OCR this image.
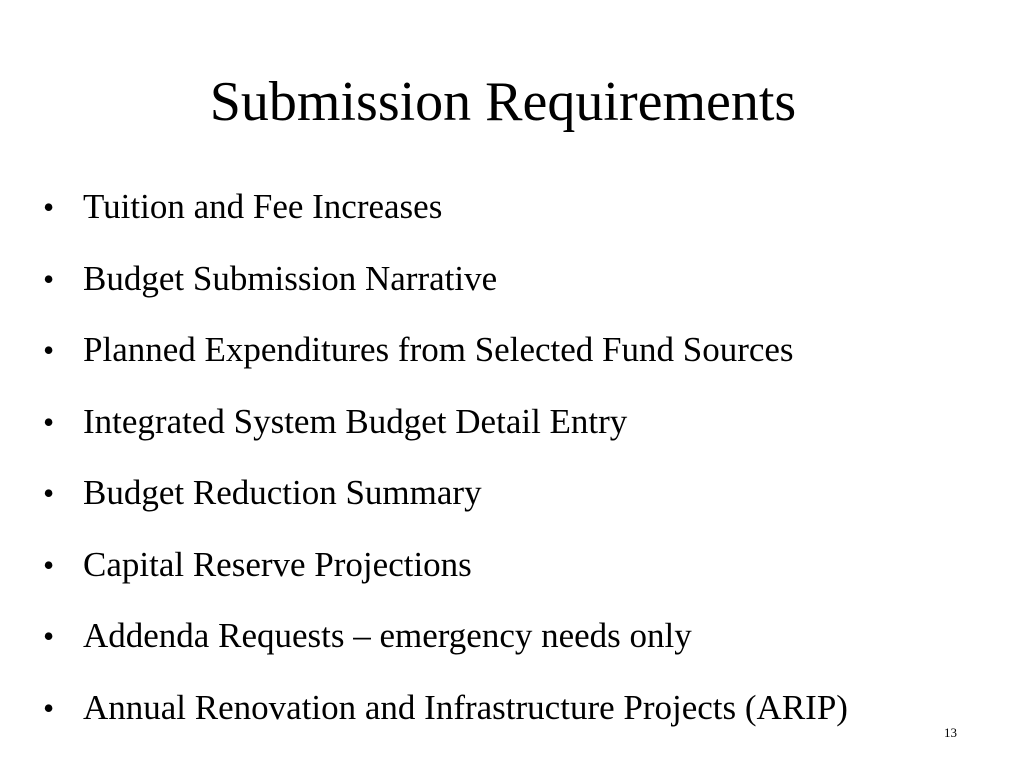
Submission Requirements
• Tuition and Fee Increases
• Budget Submission Narrative
• Planned Expenditures from Selected Fund Sources
• Integrated System Budget Detail Entry
• Budget Reduction Summary
• Capital Reserve Projections
• Addenda Requests – emergency needs only
• Annual Renovation and Infrastructure Projects (ARIP)
13
